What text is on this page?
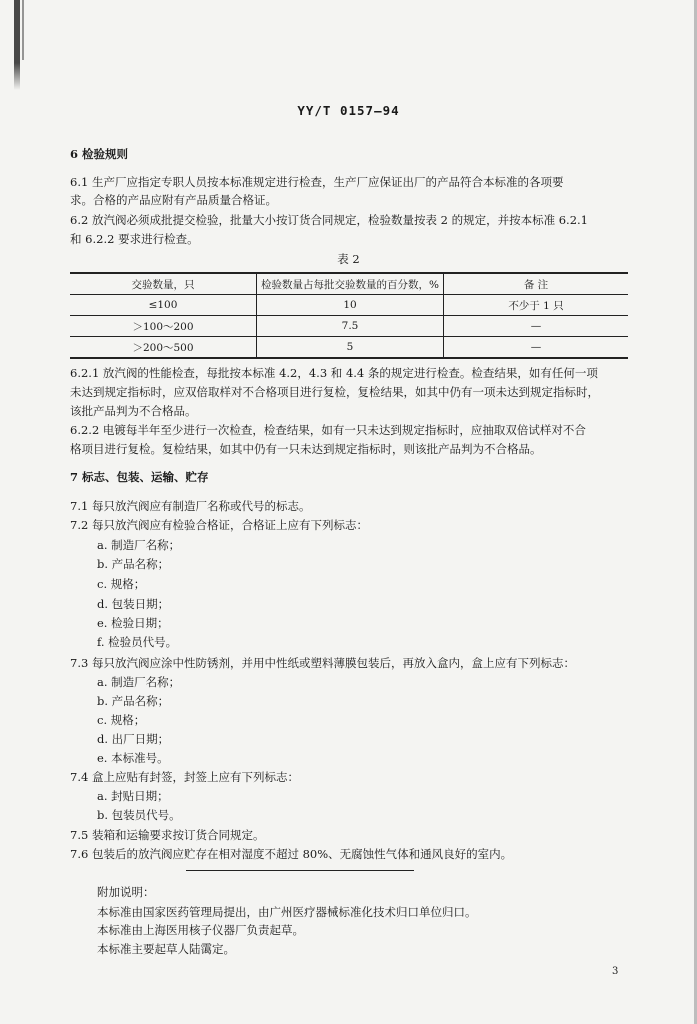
YY/T 0157—94
6 检验规则
6.1 生产厂应指定专职人员按本标准规定进行检查，生产厂应保证出厂的产品符合本标准的各项要
求。合格的产品应附有产品质量合格证。
6.2 放汽阀必须成批提交检验，批量大小按订货合同规定，检验数量按表 2 的规定，并按本标准 6.2.1
和 6.2.2 要求进行检查。
表 2
交验数量，只	检验数量占每批交验数量的百分数，%	备 注
≤100	10	不少于 1 只
＞100～200	7.5	—
＞200～500	5	—
6.2.1 放汽阀的性能检查，每批按本标准 4.2，4.3 和 4.4 条的规定进行检查。检查结果，如有任何一项
未达到规定指标时，应双倍取样对不合格项目进行复检，复检结果，如其中仍有一项未达到规定指标时，
该批产品判为不合格品。
6.2.2 电镀每半年至少进行一次检查，检查结果，如有一只未达到规定指标时，应抽取双倍试样对不合
格项目进行复检。复检结果，如其中仍有一只未达到规定指标时，则该批产品判为不合格品。
7 标志、包装、运输、贮存
7.1 每只放汽阀应有制造厂名称或代号的标志。
7.2 每只放汽阀应有检验合格证，合格证上应有下列标志：
a. 制造厂名称；
b. 产品名称；
c. 规格；
d. 包装日期；
e. 检验日期；
f. 检验员代号。
7.3 每只放汽阀应涂中性防锈剂，并用中性纸或塑料薄膜包装后，再放入盒内，盒上应有下列标志：
a. 制造厂名称；
b. 产品名称；
c. 规格；
d. 出厂日期；
e. 本标准号。
7.4 盒上应贴有封签，封签上应有下列标志：
a. 封贴日期；
b. 包装员代号。
7.5 装箱和运输要求按订货合同规定。
7.6 包装后的放汽阀应贮存在相对湿度不超过 80%、无腐蚀性气体和通风良好的室内。
附加说明：
本标准由国家医药管理局提出，由广州医疗器械标准化技术归口单位归口。
本标准由上海医用核子仪器厂负责起草。
本标准主要起草人陆霭定。
3
